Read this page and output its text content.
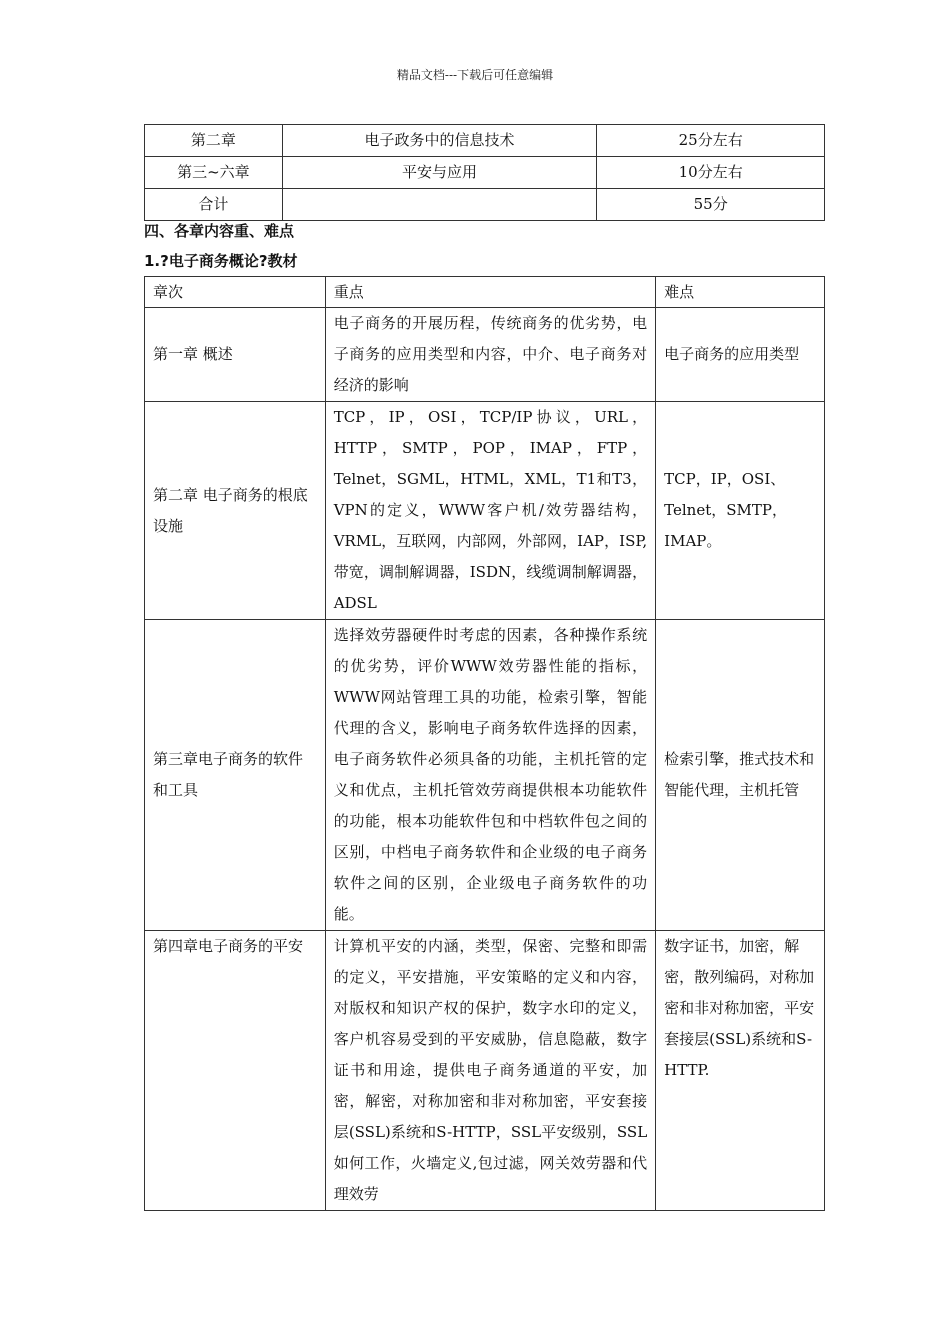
精品文档---下载后可任意编辑
第二章	电子政务中的信息技术	25分左右
第三~六章	平安与应用	10分左右
合计		55分
四、各章内容重、难点
1.?电子商务概论?教材
章次	重点	难点
第一章 概述	电子商务的开展历程，传统商务的优劣势，电子商务的应用类型和内容，中介、电子商务对经济的影响	电子商务的应用类型
第二章 电子商务的根底设施	TCP，IP，OSI，TCP/IP协议，URL，HTTP，SMTP，POP，IMAP，FTP，Telnet，SGML，HTML，XML，T1和T3，VPN的定义，WWW客户机/效劳器结构，VRML，互联网，内部网，外部网，IAP，ISP,带宽，调制解调器，ISDN，线缆调制解调器，ADSL	TCP，IP，OSI、Telnet，SMTP，IMAP。
第三章电子商务的软件和工具	选择效劳器硬件时考虑的因素，各种操作系统的优劣势，评价WWW效劳器性能的指标，WWW网站管理工具的功能，检索引擎，智能代理的含义，影响电子商务软件选择的因素，电子商务软件必须具备的功能，主机托管的定义和优点，主机托管效劳商提供根本功能软件的功能，根本功能软件包和中档软件包之间的区别，中档电子商务软件和企业级的电子商务软件之间的区别，企业级电子商务软件的功能。	检索引擎，推式技术和智能代理，主机托管
第四章电子商务的平安	计算机平安的内涵，类型，保密、完整和即需的定义，平安措施，平安策略的定义和内容，对版权和知识产权的保护，数字水印的定义，客户机容易受到的平安威胁，信息隐蔽，数字证书和用途，提供电子商务通道的平安，加密，解密，对称加密和非对称加密，平安套接层(SSL)系统和S-HTTP，SSL平安级别，SSL如何工作，火墙定义,包过滤，网关效劳器和代理效劳	数字证书，加密，解密，散列编码，对称加密和非对称加密，平安套接层(SSL)系统和S-HTTP.
